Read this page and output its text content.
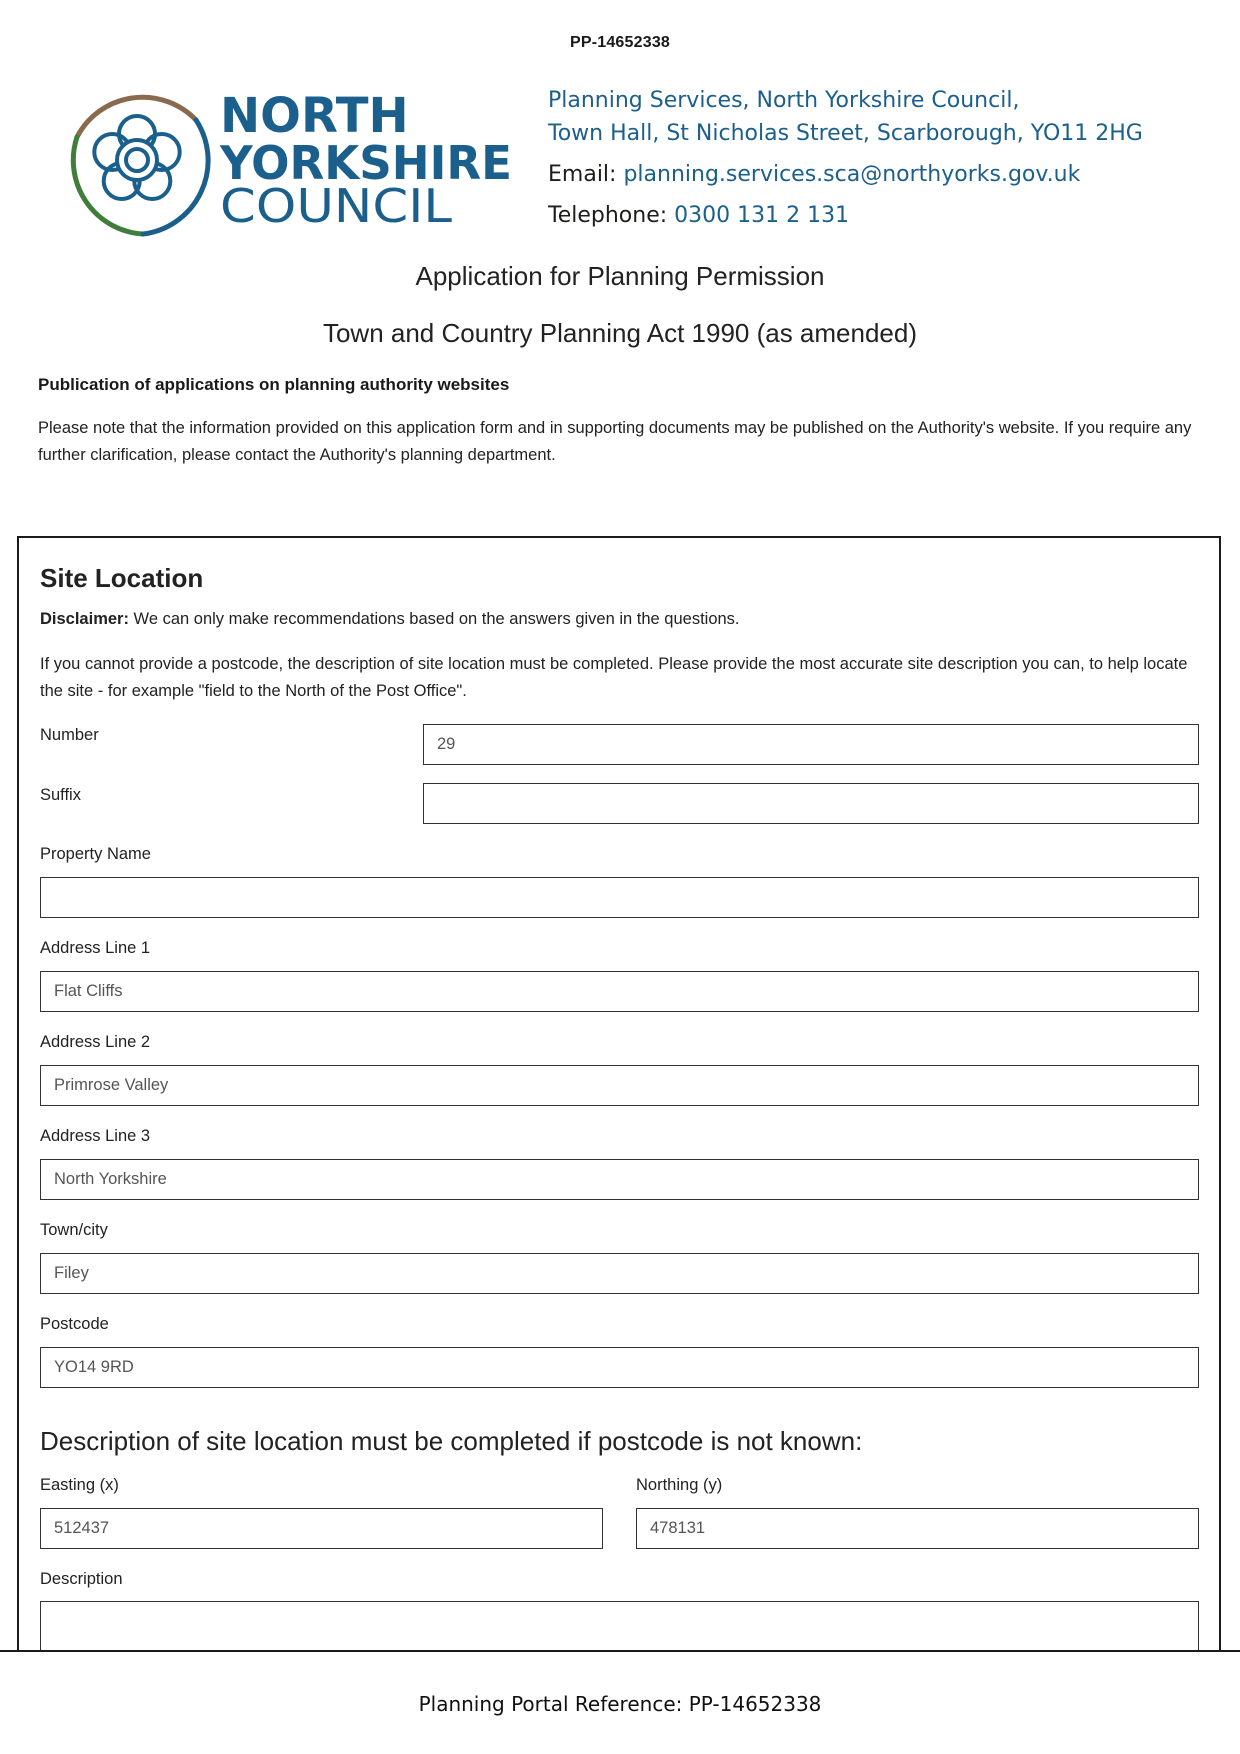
PP-14652338
NORTH
YORKSHIRE
COUNCIL
Planning Services, North Yorkshire Council,
Town Hall, St Nicholas Street, Scarborough, YO11 2HG
Email: planning.services.sca@northyorks.gov.uk
Telephone: 0300 131 2 131
Application for Planning Permission
Town and Country Planning Act 1990 (as amended)
Publication of applications on planning authority websites
Please note that the information provided on this application form and in supporting documents may be published on the Authority's website. If you require any further clarification, please contact the Authority's planning department.
Site Location
Disclaimer: We can only make recommendations based on the answers given in the questions.
If you cannot provide a postcode, the description of site location must be completed. Please provide the most accurate site description you can, to help locate the site - for example "field to the North of the Post Office".
Number	29
Suffix
Property Name
Address Line 1
Flat Cliffs
Address Line 2
Primrose Valley
Address Line 3
North Yorkshire
Town/city
Filey
Postcode
YO14 9RD
Description of site location must be completed if postcode is not known:
Easting (x)
512437
Northing (y)
478131
Description
Planning Portal Reference: PP-14652338
